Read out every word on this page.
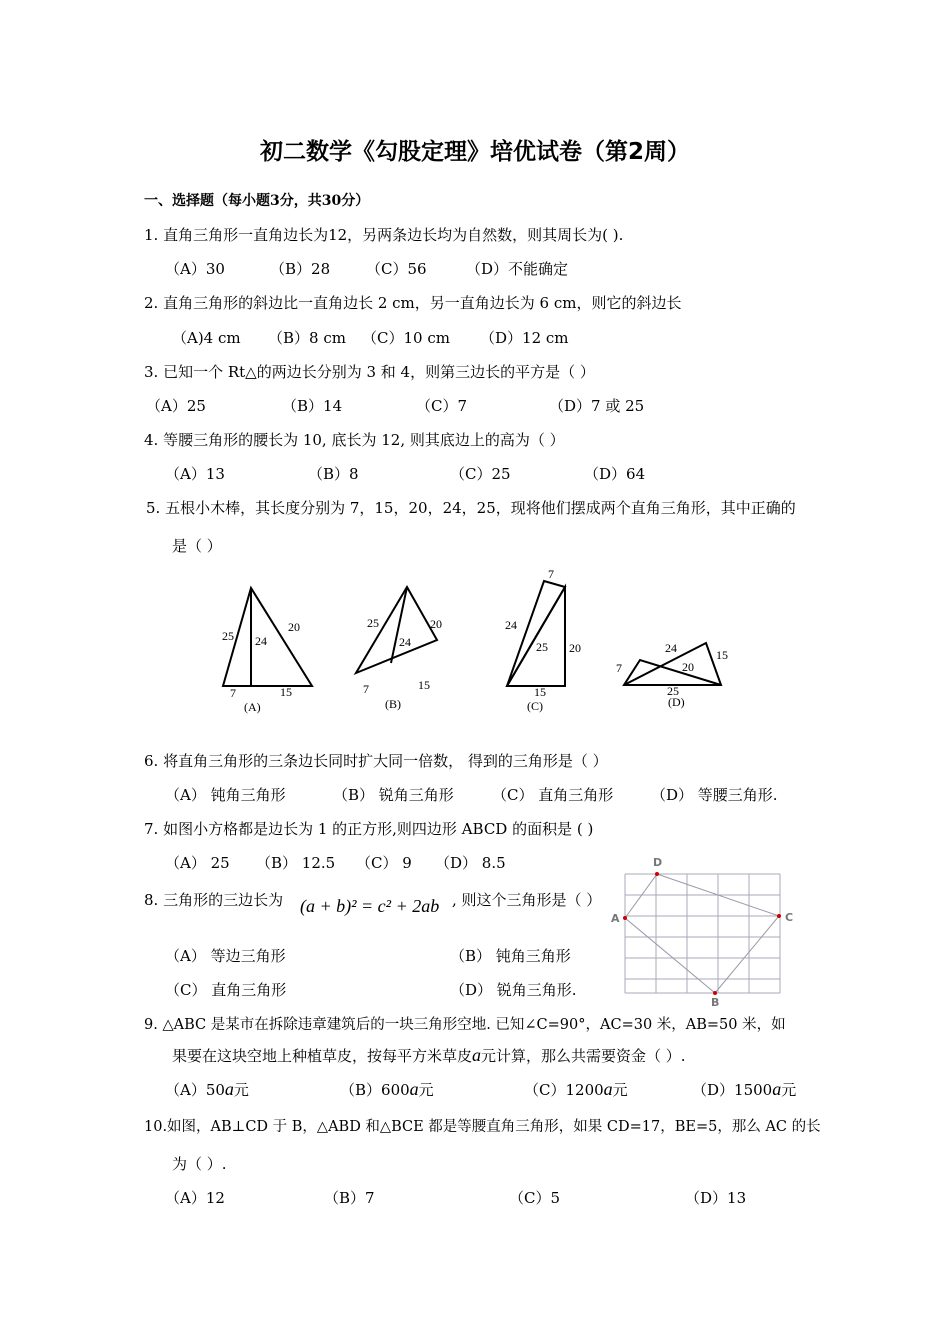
初二数学《勾股定理》培优试卷（第2周）
一、选择题（每小题3分，共30分）
1. 直角三角形一直角边长为12，另两条边长均为自然数，则其周长为( ).
（A）30	（B）28 （C）56	（D）不能确定
2. 直角三角形的斜边比一直角边长 2 cm，另一直角边长为 6 cm，则它的斜边长
（A)4 cm （B）8 cm （C）10 cm （D）12 cm
3. 已知一个 Rt△的两边长分别为 3 和 4，则第三边长的平方是（ ）
（A）25	（B）14	（C）7	（D）7 或 25
4. 等腰三角形的腰长为 10, 底长为 12, 则其底边上的高为（ ）
（A）13	（B）8	（C）25	（D）64
5. 五根小木棒，其长度分别为 7，15，20，24，25，现将他们摆成两个直角三角形，其中正确的
是（ ）
25 24
20
7	15
(A)
25
24
20
7	15
(B)
7
24
25 20
15
(C)
24	15
7	20
25
(D)
6. 将直角三角形的三条边长同时扩大同一倍数， 得到的三角形是（ ）
（A） 钝角三角形	（B） 锐角三角形	（C） 直角三角形	（D） 等腰三角形.
7. 如图小方格都是边长为 1 的正方形,则四边形 ABCD 的面积是 ( )
（A） 25 （B） 12.5 （C） 9 （D） 8.5
A
D
C
B
8. 三角形的三边长为 (a + b)² = c² + 2ab , 则这个三角形是（ ）
（A） 等边三角形	（B） 钝角三角形
（C） 直角三角形	（D） 锐角三角形.
9. △ABC 是某市在拆除违章建筑后的一块三角形空地. 已知∠C=90°，AC=30 米，AB=50 米，如
果要在这块空地上种植草皮，按每平方米草皮a元计算，那么共需要资金（ ）.
（A）50a元	（B）600a元	（C）1200a元	（D）1500a元
10.如图，AB⊥CD 于 B，△ABD 和△BCE 都是等腰直角三角形，如果 CD=17，BE=5，那么 AC 的长
为（ ）.
（A）12	（B）7	（C）5	（D）13
